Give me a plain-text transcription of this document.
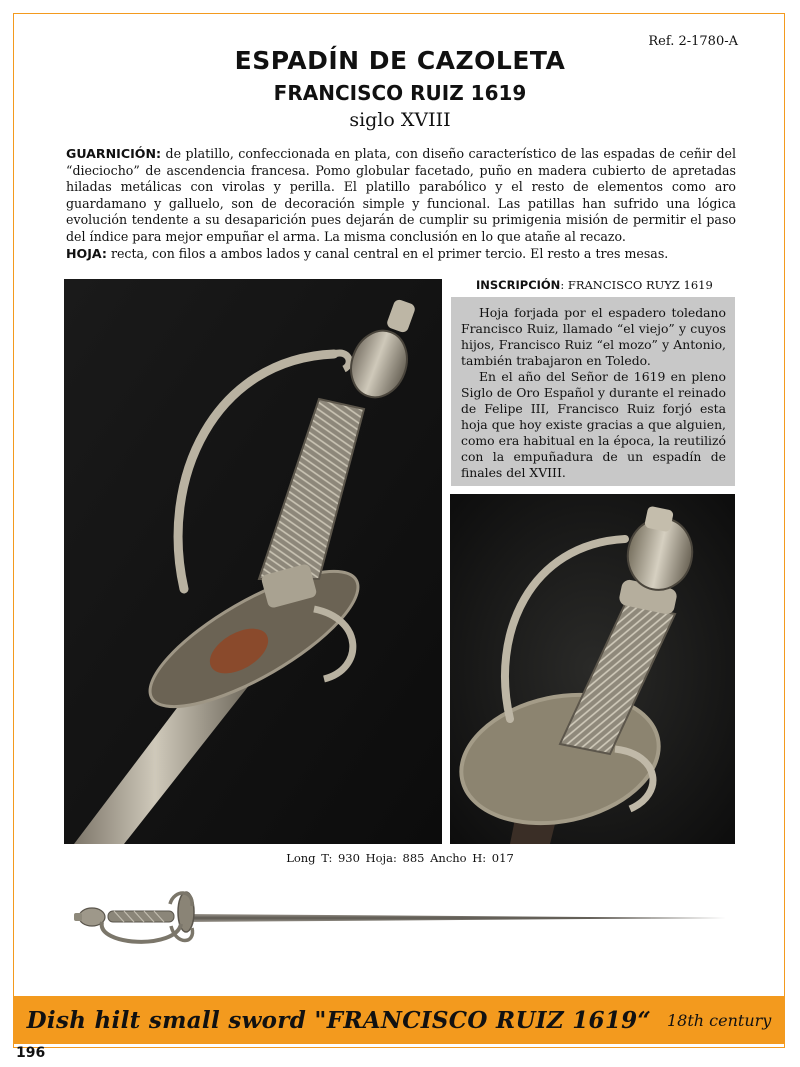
Ref. 2-1780-A
ESPADÍN DE CAZOLETA
FRANCISCO RUIZ 1619
siglo XVIII
GUARNICIÓN: de platillo, confeccionada en plata, con diseño característico de las espadas de ceñir del “dieciocho” de ascendencia francesa. Pomo globular facetado, puño en madera cubierto de apretadas hiladas metálicas con virolas y perilla. El platillo parabólico y el resto de elementos como aro guardamano y galluelo, son de decoración simple y funcional. Las patillas han sufrido una lógica evolución tendente a su desaparición pues dejarán de cumplir su primigenia misión de permitir el paso del índice para mejor empuñar el arma. La misma conclusión en lo que atañe al recazo.
HOJA: recta, con filos a ambos lados y canal central en el primer tercio. El resto a tres mesas.
INSCRIPCIÓN: FRANCISCO RUYZ 1619

Hoja forjada por el espadero toledano Francisco Ruiz, llamado “el viejo” y cuyos hijos, Francisco Ruiz “el mozo” y Antonio, también trabajaron en Toledo.

En el año del Señor de 1619 en pleno Siglo de Oro Español y durante el reinado de Felipe III, Francisco Ruiz forjó esta hoja que hoy existe gracias a que alguien, como era habitual en la época, la reutilizó con la empuñadura de un espadín de finales del XVIII.

Long T: 930 Hoja: 885 Ancho H: 017
Dish hilt small sword "FRANCISCO RUIZ 1619“ 18th century
196
